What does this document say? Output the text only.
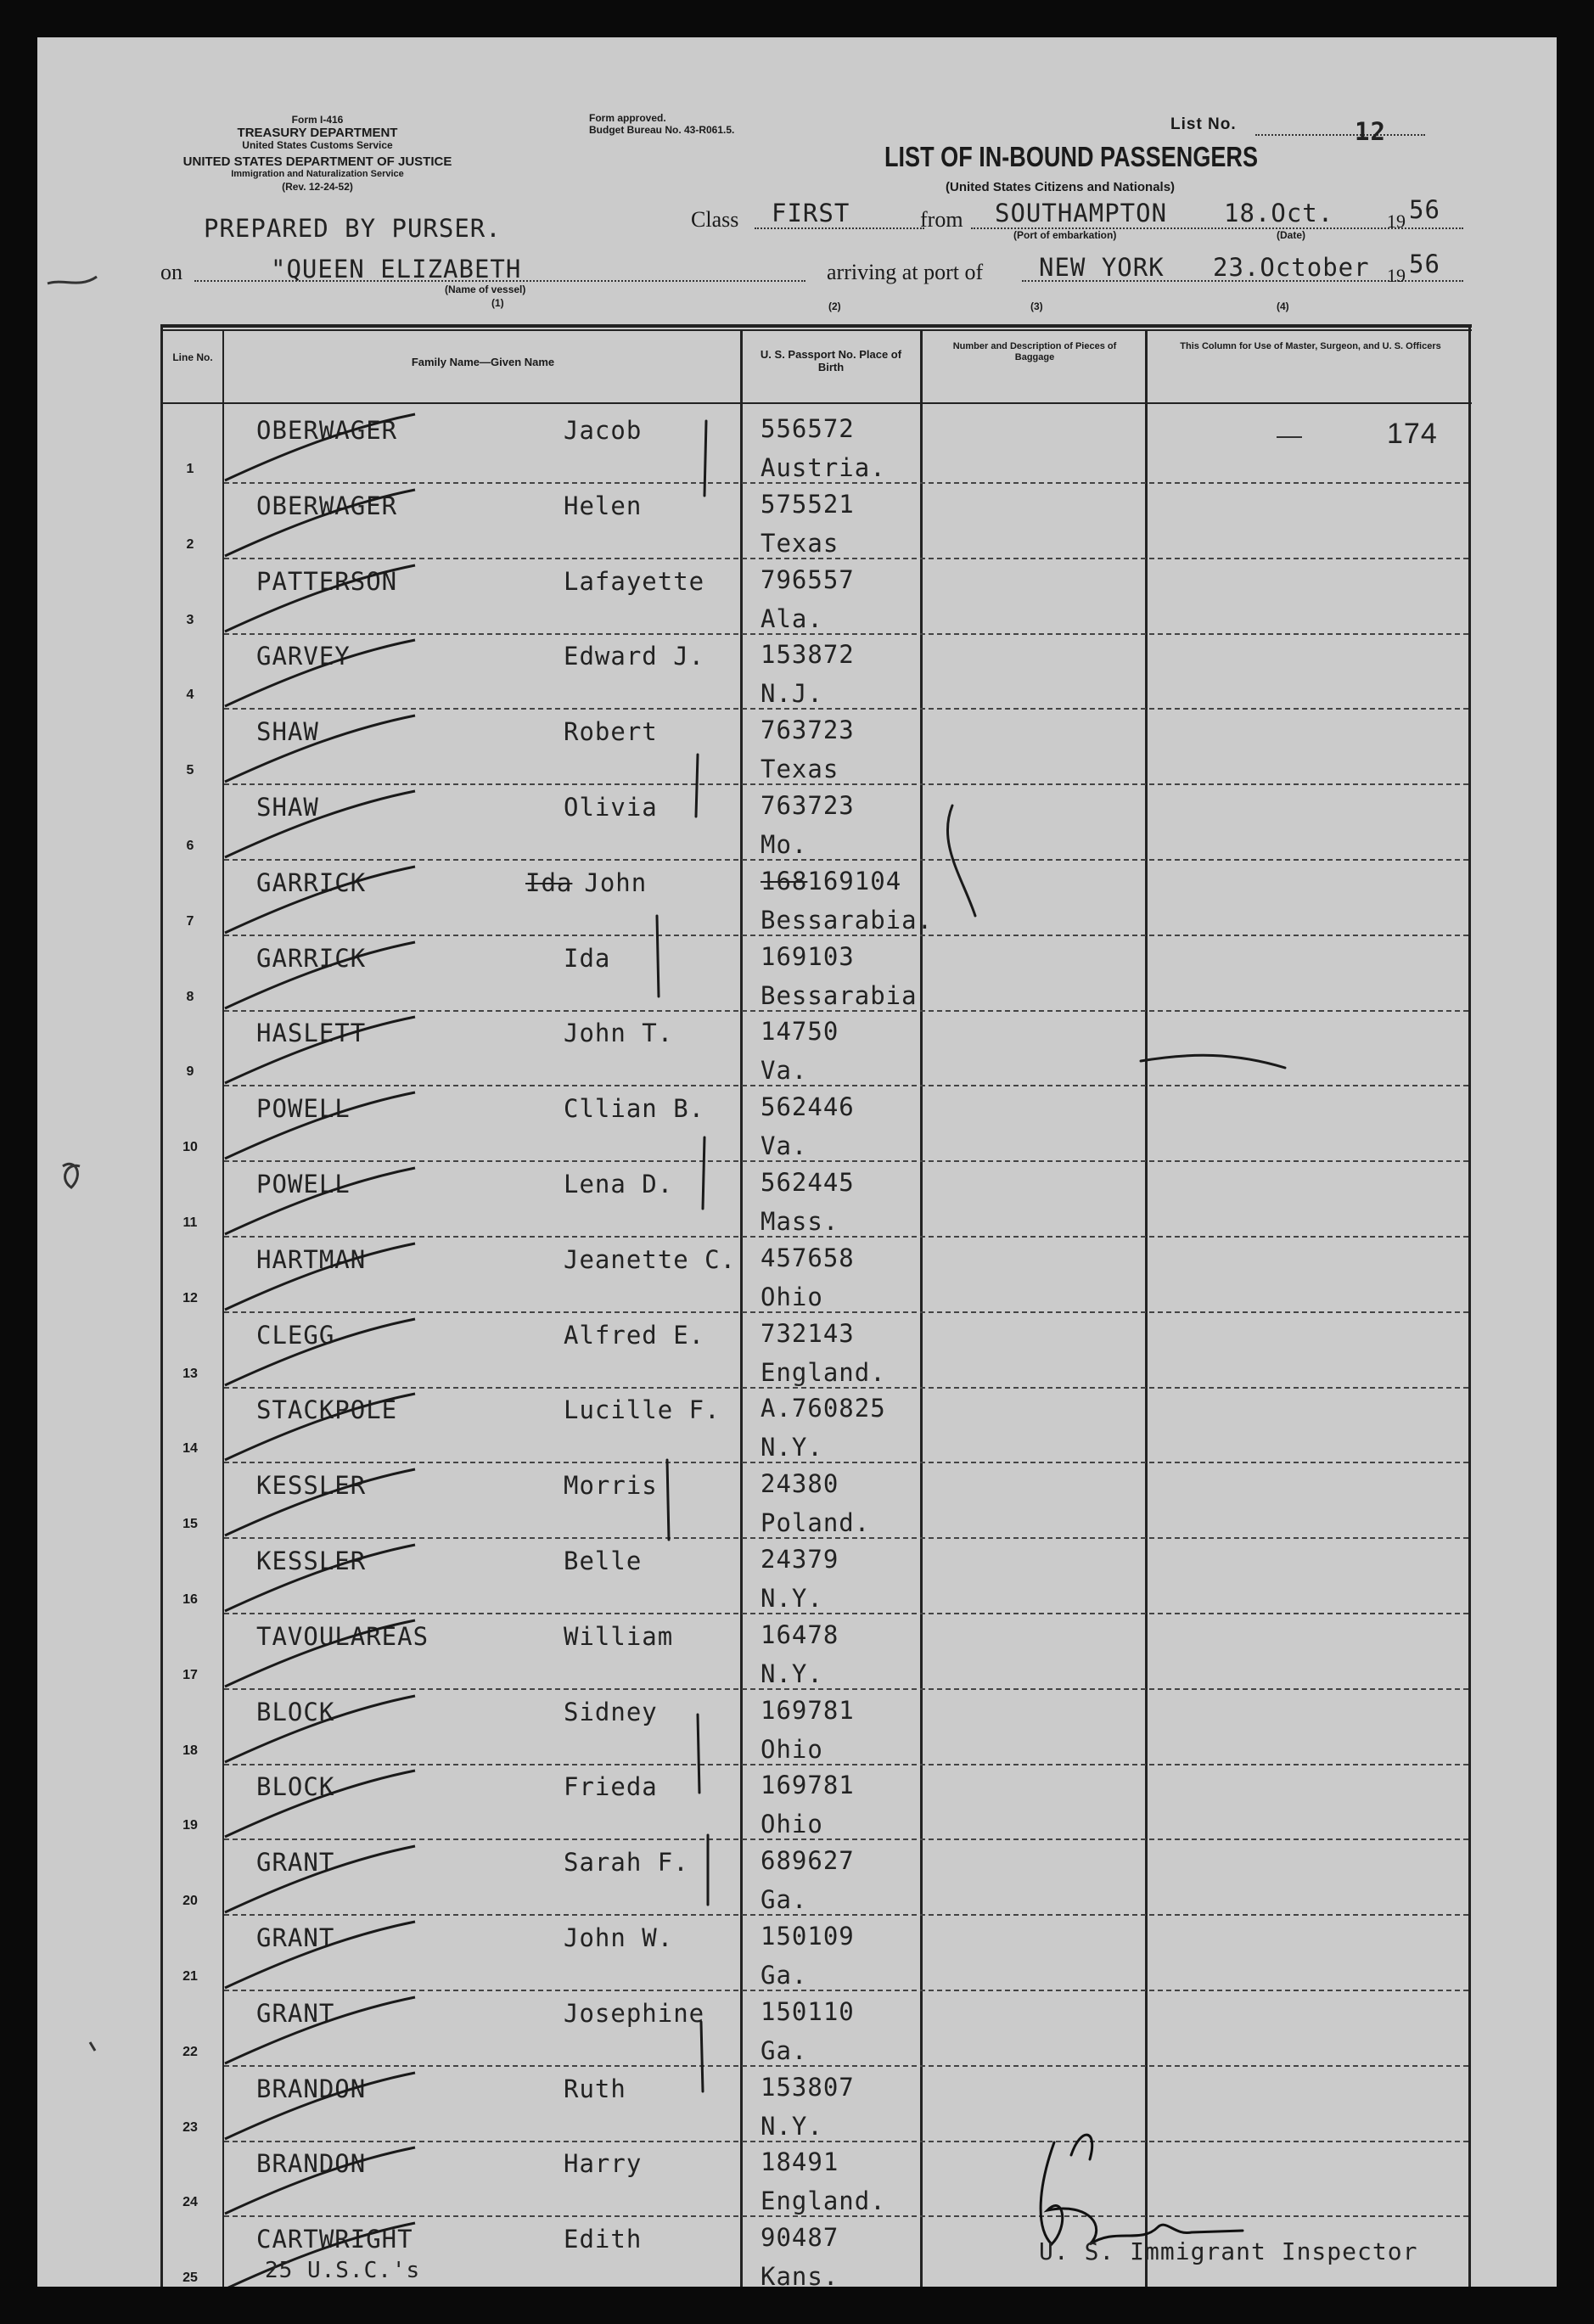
Form I-416
TREASURY DEPARTMENT
United States Customs Service
UNITED STATES DEPARTMENT OF JUSTICE
Immigration and Naturalization Service
(Rev. 12-24-52)
Form approved.
Budget Bureau No. 43-R061.5.	List No.	12
LIST OF IN-BOUND PASSENGERS
(United States Citizens and Nationals)
PREPARED BY PURSER.	Class FIRST	from SOUTHAMPTON
(Port of embarkation)
18.Oct.
(Date)
19 56
on	"QUEEN ELIZABETH
(Name of vessel)
(1)
arriving at port of NEW YORK 23.October 19 56
(2)	(3)	(4)
Line No.	Family Name—Given Name
U. S. Passport No. Place of Birth
Number and Description of Pieces of Baggage
This Column for Use of Master, Surgeon, and U. S. Officers
174
OBERWAGER	Jacob	556572
Austria.
1
OBERWAGER	Helen	575521
Texas
2
PATTERSON	Lafayette 796557
Ala.
3
GARVEY	Edward J. 153872
N.J.
4
SHAW	Robert	763723
Texas
5
SHAW	Olivia	763723
Mo.
6
GARRICK	Ida John	168169104
Bessarabia.
7
GARRICK	Ida	169103
Bessarabia
8
HASLETT	John T.	14750
Va.
9
POWELL	Cllian B. 562446
Va.
10
POWELL	Lena D.	562445
Mass.
11
HARTMAN	Jeanette C. 457658
Ohio
12
CLEGG	Alfred E. 732143
England.
13
STACKPOLE	Lucille F. A.760825
N.Y.
14
KESSLER	Morris	24380
Poland.
15
KESSLER	Belle	24379
N.Y.
16
TAVOULAREAS	William	16478
N.Y.
17
BLOCK	Sidney	169781
Ohio
18
BLOCK	Frieda	169781
Ohio
19
GRANT	Sarah F.	689627
Ga.
20
GRANT	John W.	150109
Ga.
21
GRANT	Josephine 150110
Ga.
22
BRANDON	Ruth	153807
N.Y.
23
BRANDON	Harry	18491
England.
24
CARTWRIGHT	Edith	90487
Kans.
25	25 U.S.C.'s
U. S. Immigrant Inspector
